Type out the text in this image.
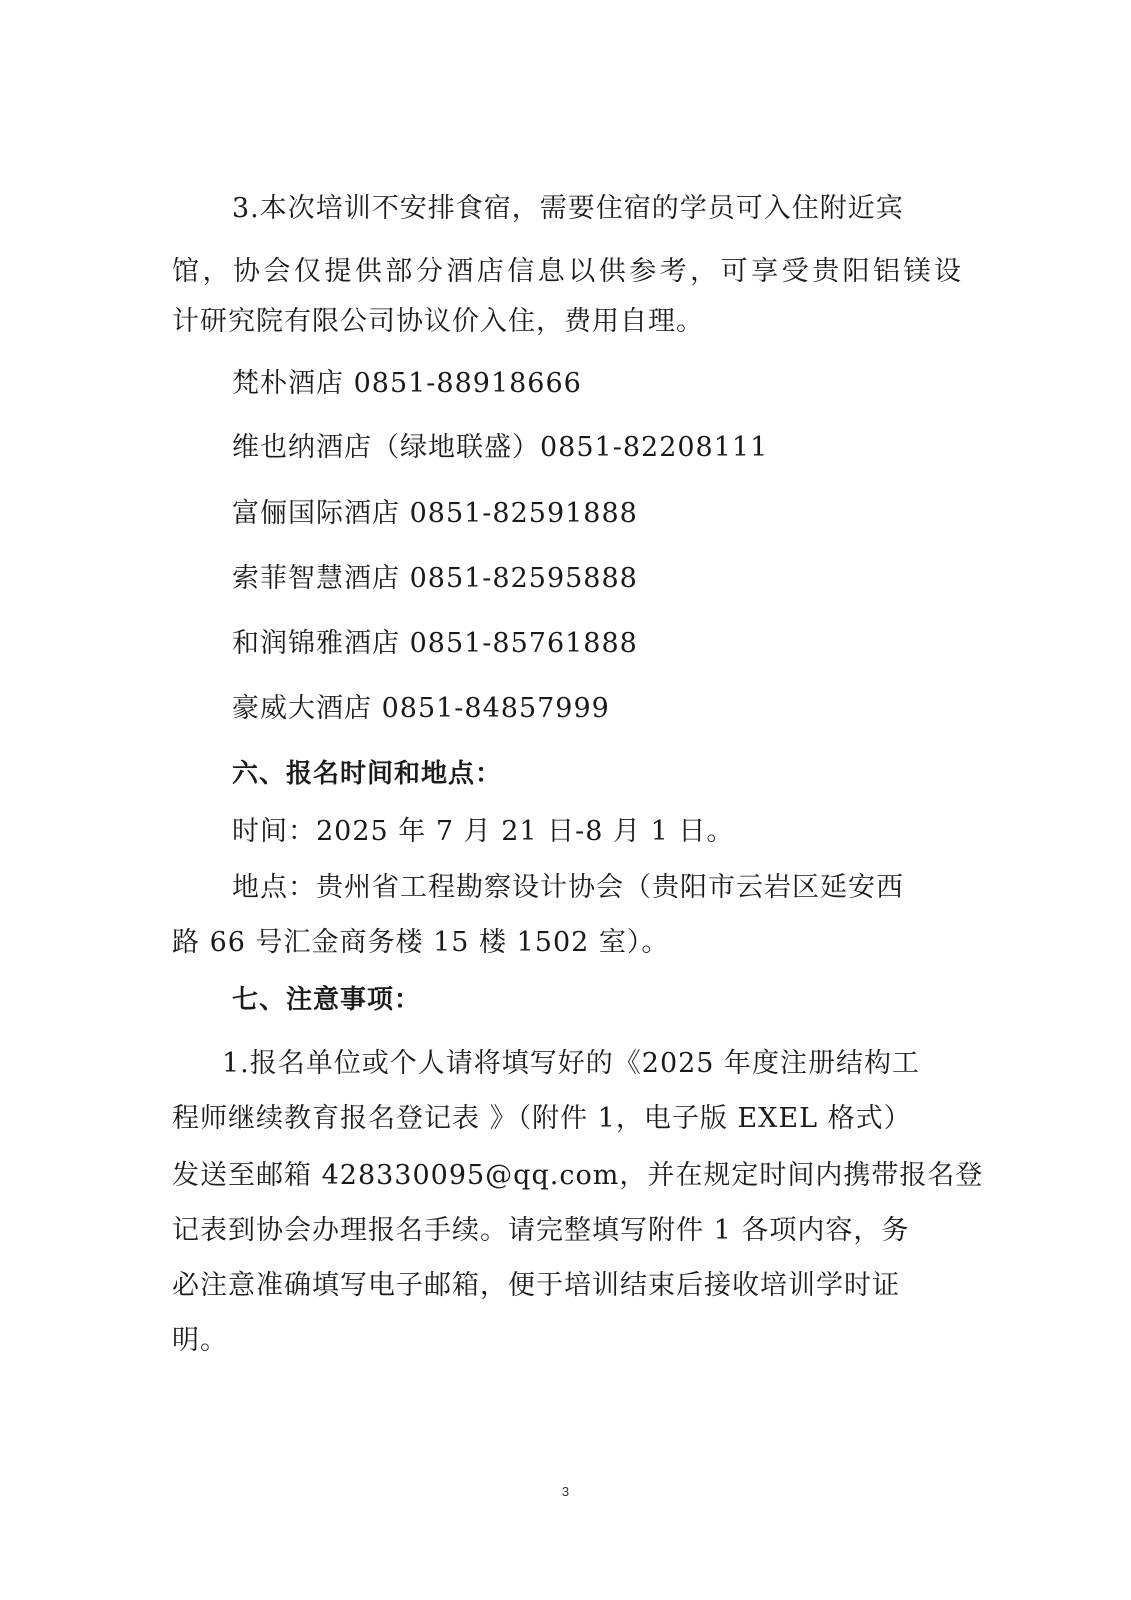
3.本次培训不安排食宿，需要住宿的学员可入住附近宾
馆，协会仅提供部分酒店信息以供参考，可享受贵阳铝镁设
计研究院有限公司协议价入住，费用自理。
梵朴酒店 0851-88918666
维也纳酒店（绿地联盛）0851-82208111
富俪国际酒店 0851-82591888
索菲智慧酒店 0851-82595888
和润锦雅酒店 0851-85761888
豪威大酒店 0851-84857999
六、报名时间和地点：
时间：2025 年 7 月 21 日-8 月 1 日。
地点：贵州省工程勘察设计协会（贵阳市云岩区延安西
路 66 号汇金商务楼 15 楼 1502 室）。
七、注意事项：
1.报名单位或个人请将填写好的《2025 年度注册结构工
程师继续教育报名登记表 》（附件 1，电子版 EXEL 格式）
发送至邮箱 428330095@qq.com，并在规定时间内携带报名登
记表到协会办理报名手续。请完整填写附件 1 各项内容，务
必注意准确填写电子邮箱，便于培训结束后接收培训学时证
明。
3
